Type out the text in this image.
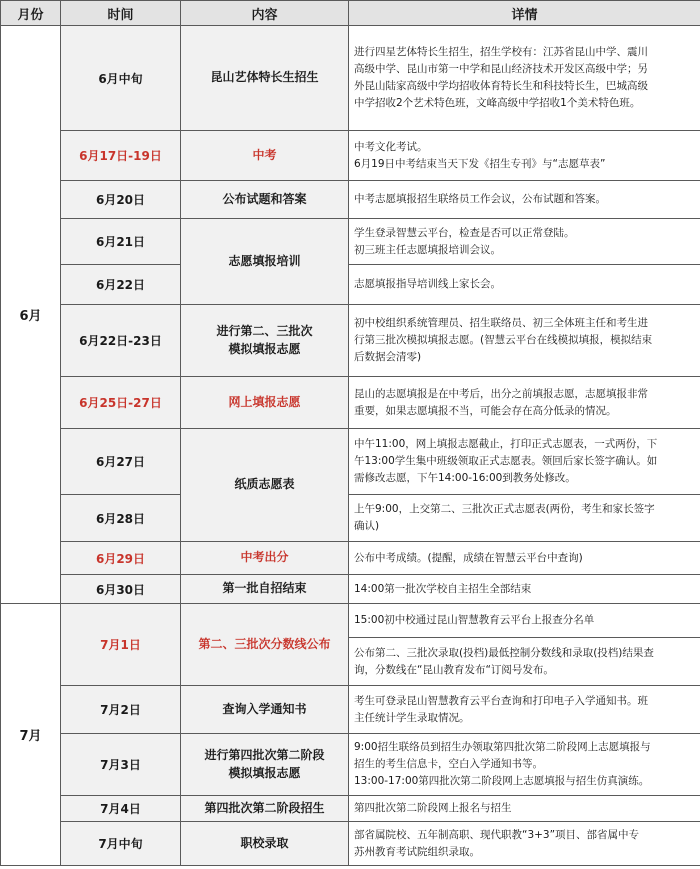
月份	时间	内容	详情
6月	6月中旬	昆山艺体特长生招生	进行四星艺体特长生招生，招生学校有：江苏省昆山中学、震川
高级中学、昆山市第一中学和昆山经济技术开发区高级中学；另
外昆山陆家高级中学均招收体育特长生和科技特长生，巴城高级
中学招收2个艺术特色班，文峰高级中学招收1个美术特色班。

	6月17日-19日	中考	中考文化考试。
6月19日中考结束当天下发《招生专刊》与“志愿草表”

	6月20日	公布试题和答案	中考志愿填报招生联络员工作会议，公布试题和答案。

	6月21日	志愿填报培训	学生登录智慧云平台，检查是否可以正常登陆。
初三班主任志愿填报培训会议。

	6月22日		志愿填报指导培训线上家长会。

	6月22日-23日	进行第二、三批次
模拟填报志愿	初中校组织系统管理员、招生联络员、初三全体班主任和考生进
行第三批次模拟填报志愿。(智慧云平台在线模拟填报，模拟结束
后数据会清零)

	6月25日-27日	网上填报志愿	昆山的志愿填报是在中考后，出分之前填报志愿，志愿填报非常
重要，如果志愿填报不当，可能会存在高分低录的情况。

	6月27日	纸质志愿表	中午11:00，网上填报志愿截止，打印正式志愿表，一式两份，下
午13:00学生集中班级领取正式志愿表。领回后家长签字确认。如
需修改志愿，下午14:00-16:00到教务处修改。

	6月28日		上午9:00，上交第二、三批次正式志愿表(两份，考生和家长签字
确认)

	6月29日	中考出分	公布中考成绩。(提醒，成绩在智慧云平台中查询)

	6月30日	第一批自招结束	14:00第一批次学校自主招生全部结束

7月	7月1日	第二、三批次分数线公布	15:00初中校通过昆山智慧教育云平台上报查分名单

			公布第二、三批次录取(投档)最低控制分数线和录取(投档)结果查
询，分数线在“昆山教育发布“订阅号发布。

	7月2日	查询入学通知书	考生可登录昆山智慧教育云平台查询和打印电子入学通知书。班
主任统计学生录取情况。

	7月3日	进行第四批次第二阶段
模拟填报志愿	9:00招生联络员到招生办领取第四批次第二阶段网上志愿填报与
招生的考生信息卡，空白入学通知书等。
13:00-17:00第四批次第二阶段网上志愿填报与招生仿真演练。

	7月4日	第四批次第二阶段招生	第四批次第二阶段网上报名与招生

	7月中旬	职校录取	部省属院校、五年制高职、现代职教“3+3”项目、部省属中专
苏州教育考试院组织录取。
